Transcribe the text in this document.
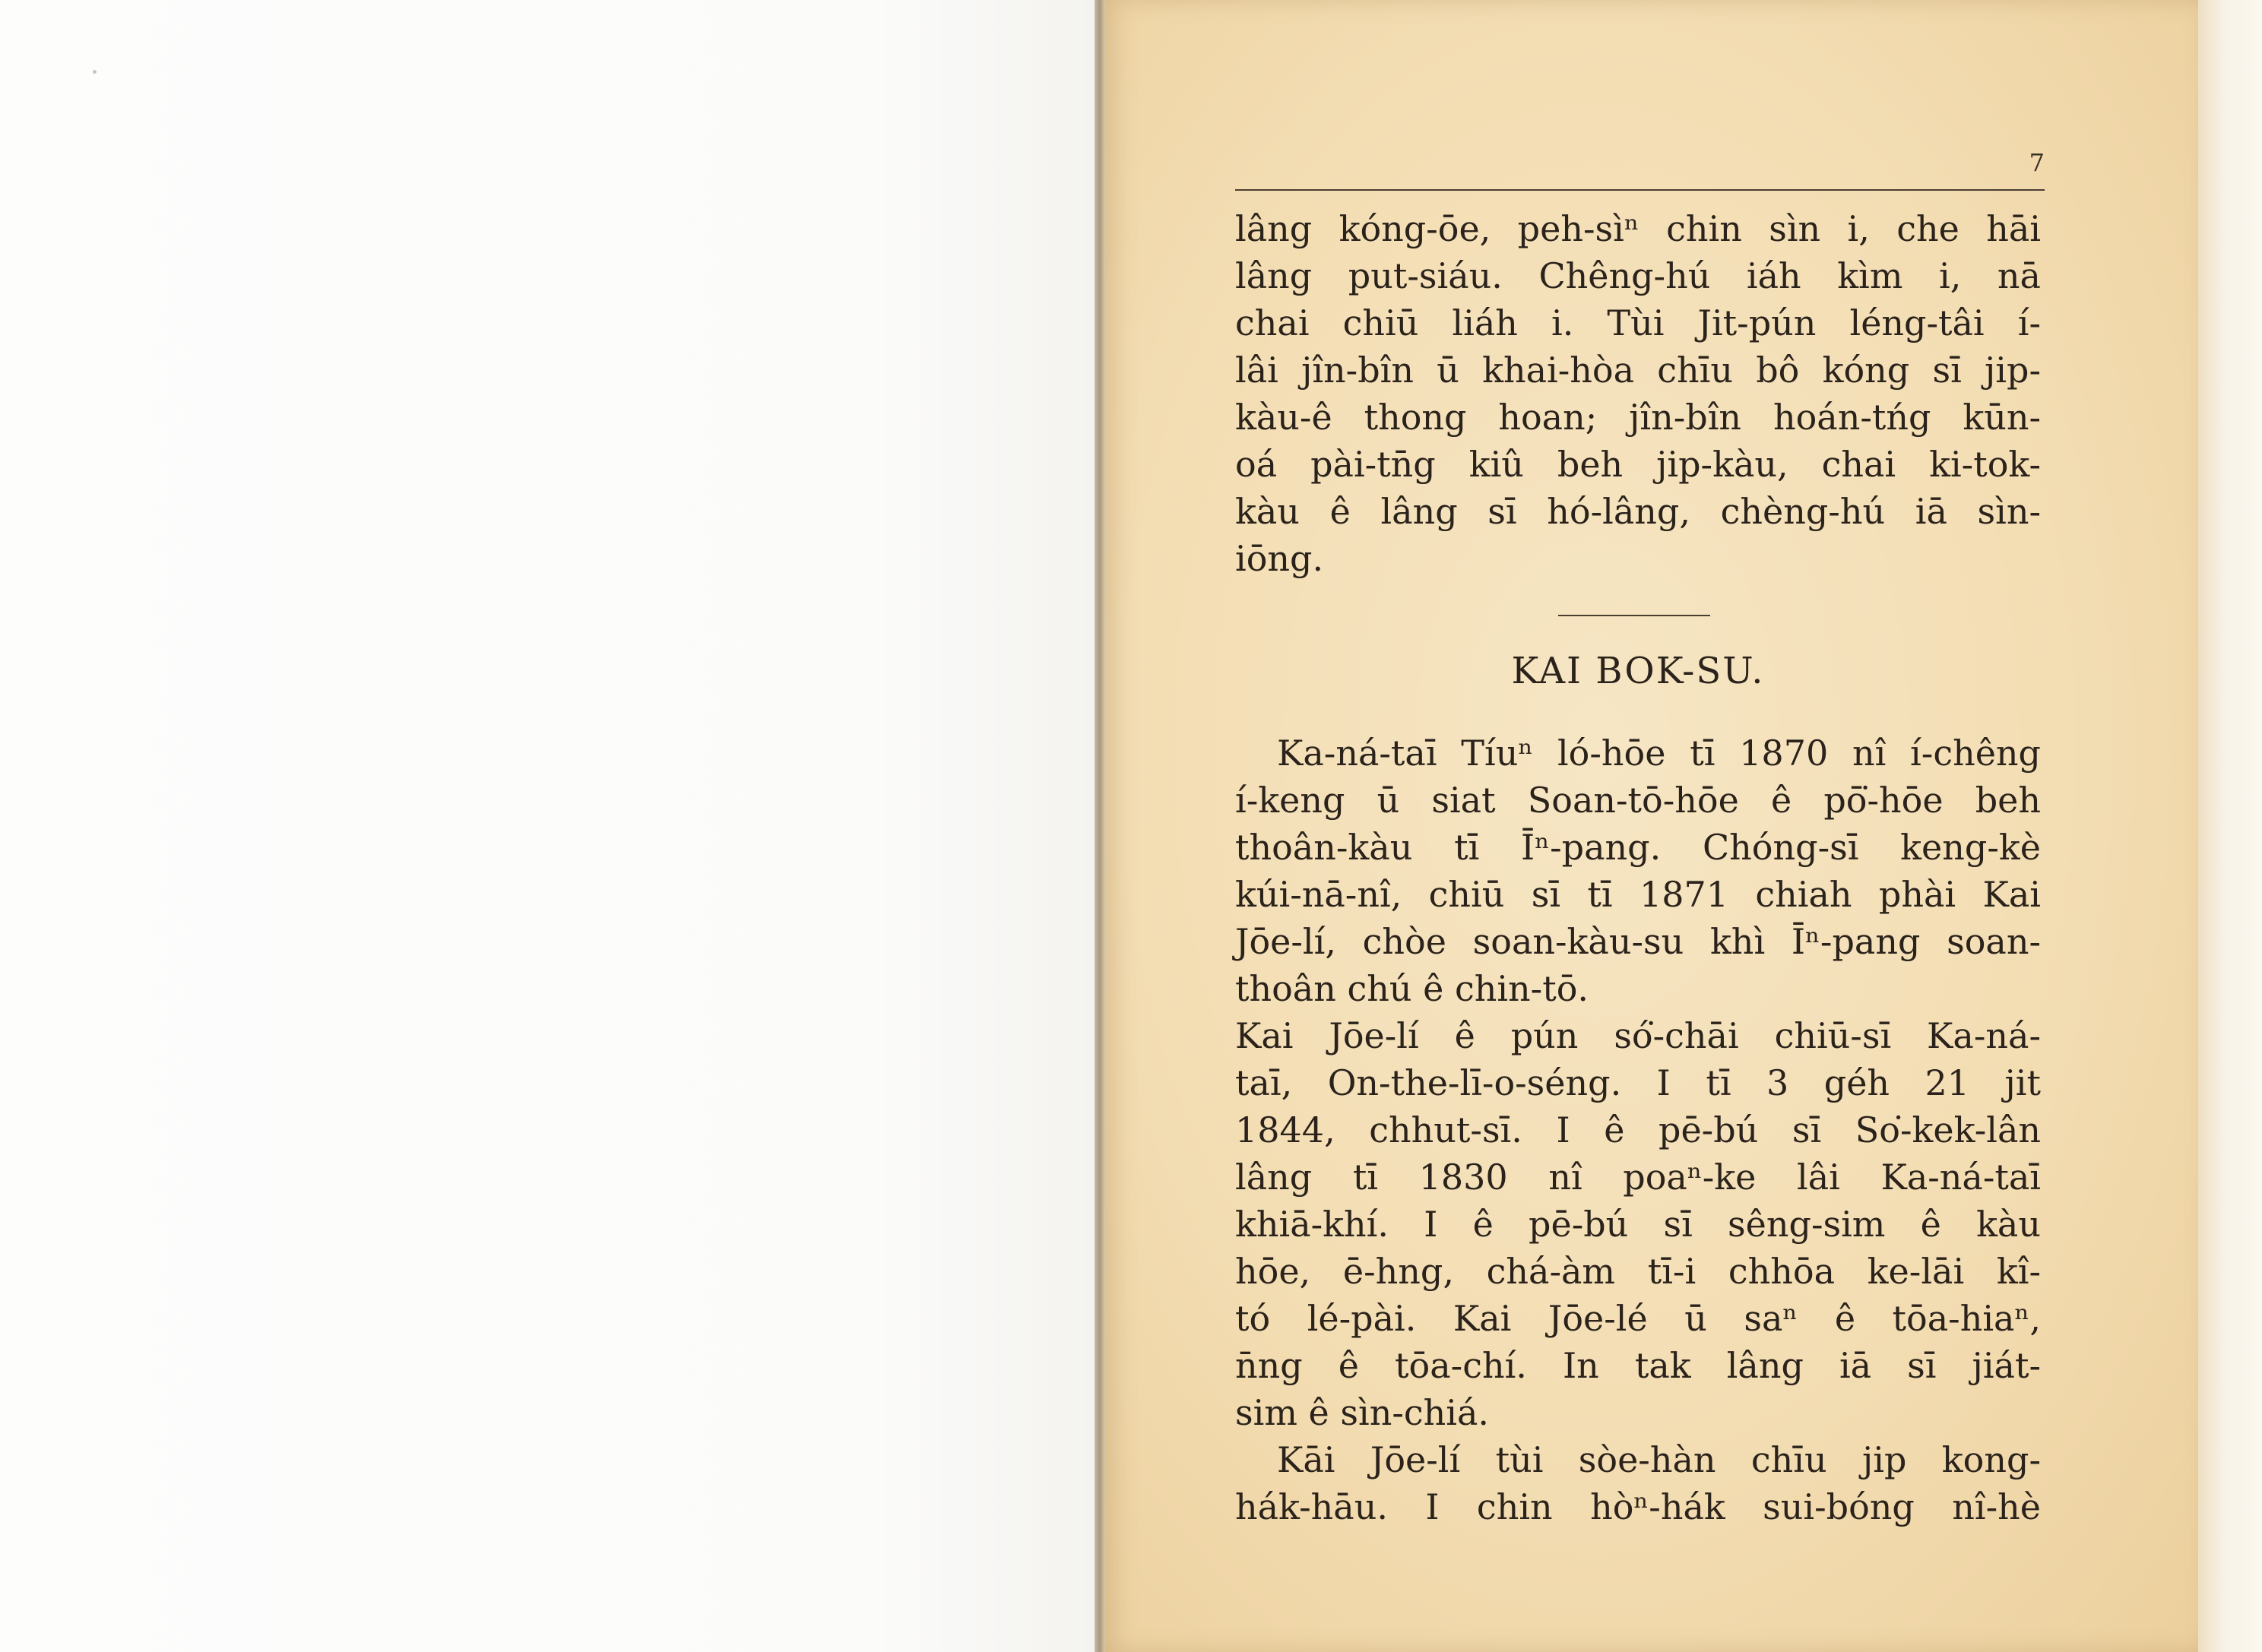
7
lâng kóng-ōe, peh-sìⁿ chin sìn i, che hāi
lâng put-siáu. Chêng-hú iáh kìm i, nā
chai chiū liáh i. Tùi Jit-pún léng-tâi í-
lâi jîn-bîn ū khai-hòa chīu bô kóng sī jip-
kàu-ê thong hoan; jîn-bîn hoán-tńg kūn-
oá pài-tn̄g kiû beh jip-kàu, chai ki-tok-
kàu ê lâng sī hó-lâng, chèng-hú iā sìn-
iōng.
KAI BOK-SU.
Ka-ná-taī Tíuⁿ ló-hōe tī 1870 nî í-chêng
í-keng ū siat Soan-tō-hōe ê pō͘-hōe beh
thoân-kàu tī Īⁿ-pang. Chóng-sī keng-kè
kúi-nā-nî, chiū sī tī 1871 chiah phài Kai
Jōe-lí, chòe soan-kàu-su khì Īⁿ-pang soan-
thoân chú ê chin-tō.
Kai Jōe-lí ê pún só͘-chāi chiū-sī Ka-ná-
taī, On-the-lī-o-séng. I tī 3 géh 21 jit
1844, chhut-sī. I ê pē-bú sī So͘-kek-lân
lâng tī 1830 nî poaⁿ-ke lâi Ka-ná-taī
khiā-khí. I ê pē-bú sī sêng-sim ê kàu
hōe, ē-hng, chá-àm tī-i chhōa ke-lāi kî-
tó lé-pài. Kai Jōe-lé ū saⁿ ê tōa-hiaⁿ,
n̄ng ê tōa-chí. In tak lâng iā sī jiát-
sim ê sìn-chiá.
Kāi Jōe-lí tùi sòe-hàn chīu jip kong-
hák-hāu. I chin hòⁿ-hák sui-bóng nî-hè
